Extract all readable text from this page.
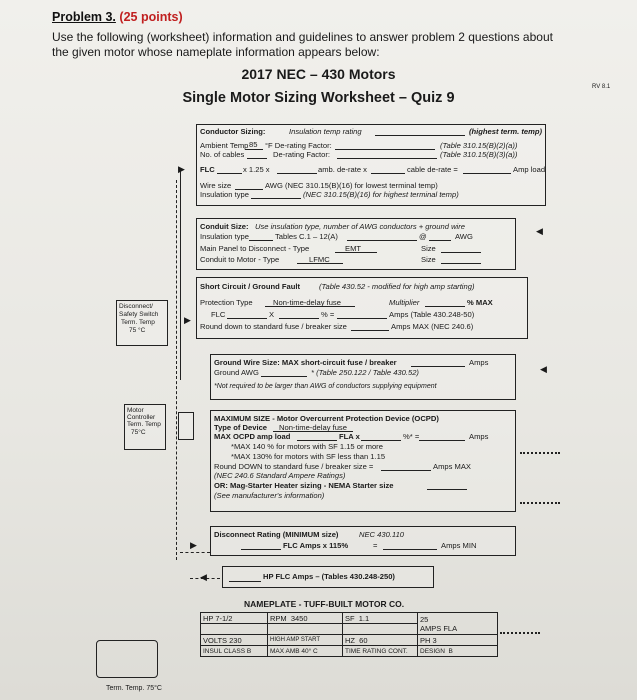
Problem 3. (25 points)
Use the following (worksheet) information and guidelines to answer problem 2 questions about the given motor whose nameplate information appears below:
2017 NEC – 430 Motors
Single Motor Sizing Worksheet – Quiz 9
RV 8.1
Conductor Sizing:	Insulation temp rating	(highest term. temp)
Ambient Temp 85 °F De-rating Factor:	(Table 310.15(B)(2)(a))
No. of cables	De-rating Factor:	(Table 310.15(B)(3)(a))
FLC	x 1.25 x	amb. de-rate x	cable de-rate =	Amp load
Wire size	AWG (NEC 310.15(B)(16) for lowest terminal temp)
Insulation type	(NEC 310.15(B)(16) for highest terminal temp)
Conduit Size: Use insulation type, number of AWG conductors + ground wire
Insulation type	Tables C.1 – 12(A)	@	AWG
Main Panel to Disconnect - Type	EMT	Size
Conduit to Motor - Type	LFMC	Size
Short Circuit / Ground Fault	(Table 430.52 - modified for high amp starting)
Protection Type	Non-time-delay fuse	Multiplier	% MAX
FLC	X	% =	Amps (Table 430.248-50)
Round down to standard fuse / breaker size	Amps MAX (NEC 240.6)
Ground Wire Size: MAX short-circuit fuse / breaker	Amps
Ground AWG	* (Table 250.122 / Table 430.52)
*Not required to be larger than AWG of conductors supplying equipment
MAXIMUM SIZE - Motor Overcurrent Protection Device (OCPD)
Type of Device Non-time-delay fuse
MAX OCPD amp load	FLA x	%* =	Amps
*MAX 140 % for motors with SF 1.15 or more
*MAX 130% for motors with SF less than 1.15
Round DOWN to standard fuse / breaker size =	Amps MAX
(NEC 240.6 Standard Ampere Ratings)
OR: Mag-Starter Heater sizing - NEMA Starter size
(See manufacturer's information)
Disconnect Rating (MINIMUM size)	NEC 430.110
FLC Amps x 115%	=	Amps MIN
HP FLC Amps – (Tables 430.248-250)
NAMEPLATE - TUFF-BUILT MOTOR CO.
HP 7-1/2	RPM 3450	SF 1.1	25
AMPS FLA

VOLTS 230	HIGH AMP START	HZ 60	PH 3
INSUL CLASS B	MAX AMB 40° C	TIME RATING CONT.	DESIGN B
▶
▶
▶
◀
Disconnect/
Safety Switch
Term. Temp
75 °C
Motor
Controller
Term. Temp
75°C
Term. Temp. 75°C
◀
◀
